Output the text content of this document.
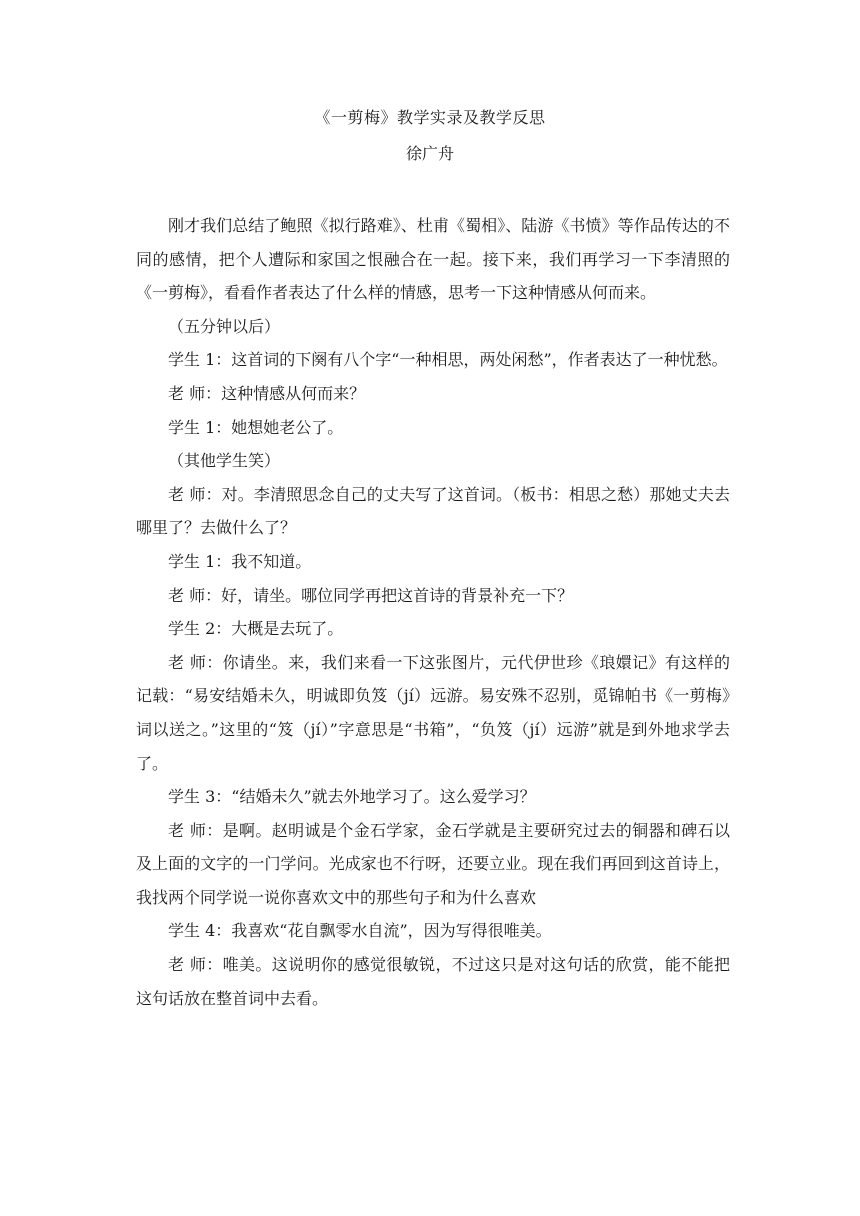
《一剪梅》教学实录及教学反思
徐广舟

刚才我们总结了鲍照《拟行路难》、杜甫《蜀相》、陆游《书愤》等作品传达的不同的感情，把个人遭际和家国之恨融合在一起。接下来，我们再学习一下李清照的《一剪梅》，看看作者表达了什么样的情感，思考一下这种情感从何而来。

（五分钟以后）

学生 1：这首词的下阕有八个字“一种相思，两处闲愁”，作者表达了一种忧愁。

老 师：这种情感从何而来？

学生 1：她想她老公了。

（其他学生笑）

老 师：对。李清照思念自己的丈夫写了这首词。（板书：相思之愁）那她丈夫去哪里了？去做什么了？

学生 1：我不知道。

老 师：好，请坐。哪位同学再把这首诗的背景补充一下？

学生 2：大概是去玩了。

老 师：你请坐。来，我们来看一下这张图片，元代伊世珍《琅嬛记》有这样的记载：“易安结婚未久，明诚即负笈（jí）远游。易安殊不忍别，觅锦帕书《一剪梅》词以送之。”这里的“笈（jí）”字意思是“书箱”，“负笈（jí）远游”就是到外地求学去了。

学生 3：“结婚未久”就去外地学习了。这么爱学习？

老 师：是啊。赵明诚是个金石学家，金石学就是主要研究过去的铜器和碑石以及上面的文字的一门学问。光成家也不行呀，还要立业。现在我们再回到这首诗上，我找两个同学说一说你喜欢文中的那些句子和为什么喜欢

学生 4：我喜欢“花自飘零水自流”，因为写得很唯美。

老 师：唯美。这说明你的感觉很敏锐，不过这只是对这句话的欣赏，能不能把这句话放在整首词中去看。
